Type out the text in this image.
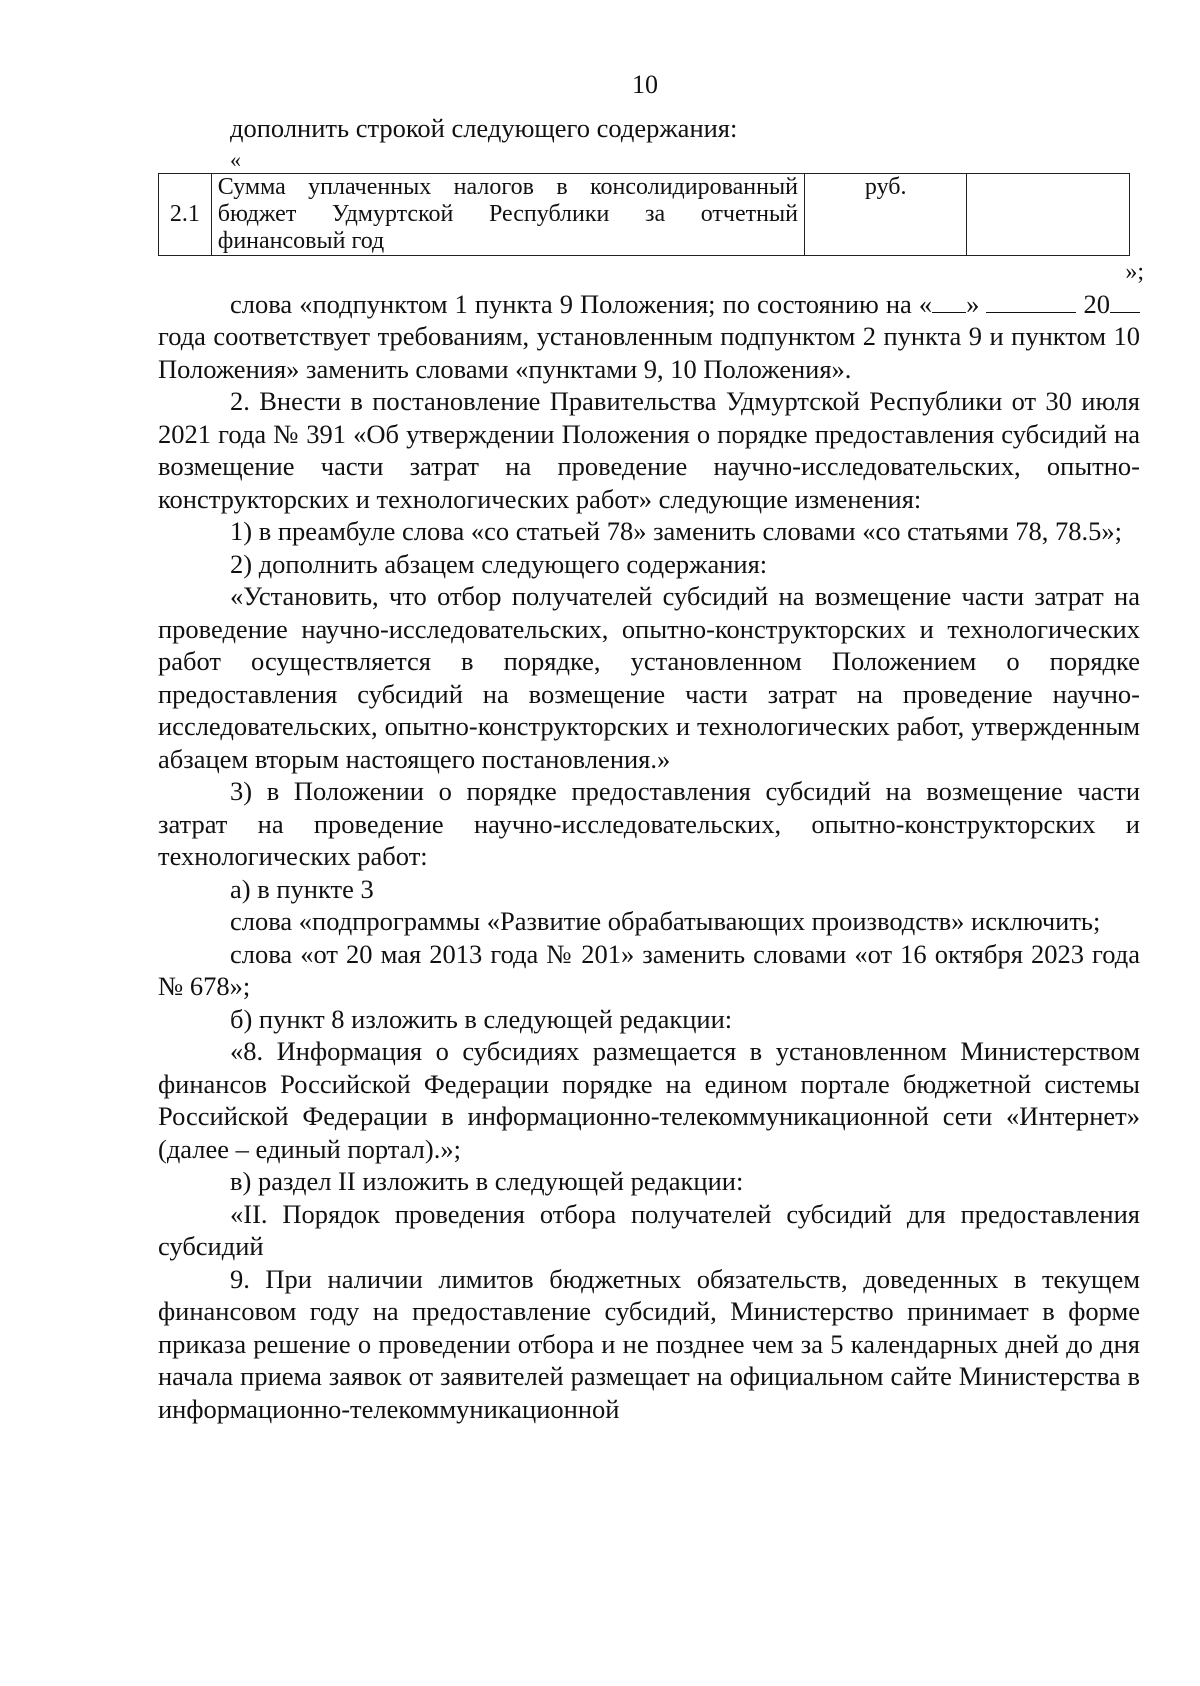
10

дополнить строкой следующего содержания:

«
2.1	Сумма уплаченных налогов в консолидированный бюджет Удмуртской Республики за отчетный финансовый год	руб.	
»;

слова «подпунктом 1 пункта 9 Положения; по состоянию на « »	20 года соответствует требованиям, установленным подпунктом 2 пункта 9 и пунктом 10 Положения» заменить словами «пунктами 9, 10 Положения».

2. Внести в постановление Правительства Удмуртской Республики от 30 июля 2021 года № 391 «Об утверждении Положения о порядке предоставления субсидий на возмещение части затрат на проведение научно-исследовательских, опытно-конструкторских и технологических работ» следующие изменения:

1) в преамбуле слова «со статьей 78» заменить словами «со статьями 78, 78.5»;

2) дополнить абзацем следующего содержания:

«Установить, что отбор получателей субсидий на возмещение части затрат на проведение научно-исследовательских, опытно-конструкторских и технологических работ осуществляется в порядке, установленном Положением о порядке предоставления субсидий на возмещение части затрат на проведение научно-исследовательских, опытно-конструкторских и технологических работ, утвержденным абзацем вторым настоящего постановления.»

3) в Положении о порядке предоставления субсидий на возмещение части затрат на проведение научно-исследовательских, опытно-конструкторских и технологических работ:

а) в пункте 3

слова «подпрограммы «Развитие обрабатывающих производств» исключить;

слова «от 20 мая 2013 года № 201» заменить словами «от 16 октября 2023 года № 678»;

б) пункт 8 изложить в следующей редакции:

«8. Информация о субсидиях размещается в установленном Министерством финансов Российской Федерации порядке на едином портале бюджетной системы Российской Федерации в информационно-телекоммуникационной сети «Интернет» (далее – единый портал).»;

в) раздел II изложить в следующей редакции:

«II. Порядок проведения отбора получателей субсидий для предоставления субсидий

9. При наличии лимитов бюджетных обязательств, доведенных в текущем финансовом году на предоставление субсидий, Министерство принимает в форме приказа решение о проведении отбора и не позднее чем за 5 календарных дней до дня начала приема заявок от заявителей размещает на официальном сайте Министерства в информационно-телекоммуникационной
